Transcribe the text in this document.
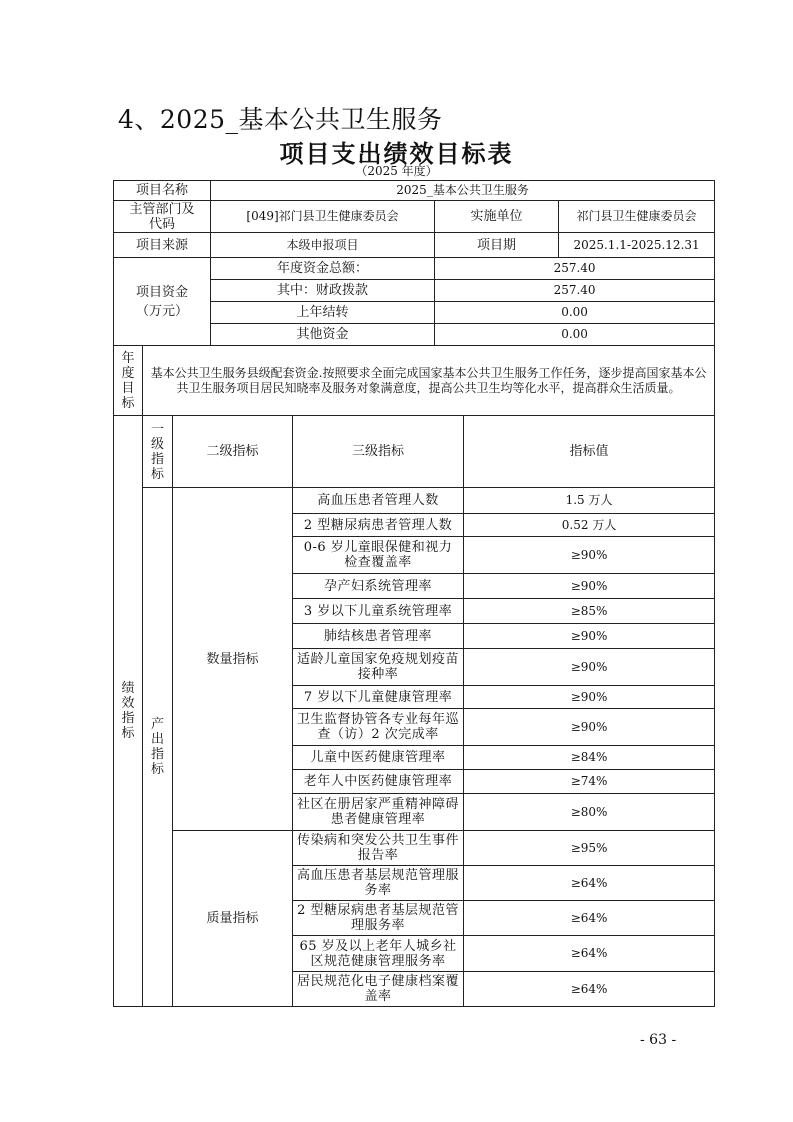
4、2025_基本公共卫生服务
项目支出绩效目标表
（2025 年度）
项目名称			2025_基本公共卫生服务				
主管部门及代码			[049]祁门县卫生健康委员会		实施单位		祁门县卫生健康委员会
项目来源			本级申报项目		项目期		2025.1.1-2025.12.31
项目资金（万元）			年度资金总额：		257.40		
			其中：财政拨款		257.40		
			上年结转		0.00		
			其他资金		0.00		
年度目标	基本公共卫生服务县级配套资金.按照要求全面完成国家基本公共卫生服务工作任务，逐步提高国家基本公共卫生服务项目居民知晓率及服务对象满意度，提高公共卫生均等化水平，提高群众生活质量。						
绩效指标	一级指标	二级指标		三级指标		指标值	
	产出指标	数量指标		高血压患者管理人数		1.5 万人	
				2 型糖尿病患者管理人数		0.52 万人	
				0-6 岁儿童眼保健和视力检查覆盖率		≥90%	
				孕产妇系统管理率		≥90%	
				3 岁以下儿童系统管理率		≥85%	
				肺结核患者管理率		≥90%	
				适龄儿童国家免疫规划疫苗接种率		≥90%	
				7 岁以下儿童健康管理率		≥90%	
				卫生监督协管各专业每年巡查（访）2 次完成率		≥90%	
				儿童中医药健康管理率		≥84%	
				老年人中医药健康管理率		≥74%	
				社区在册居家严重精神障碍患者健康管理率		≥80%	
		质量指标		传染病和突发公共卫生事件报告率		≥95%	
				高血压患者基层规范管理服务率		≥64%	
				2 型糖尿病患者基层规范管理服务率		≥64%	
				65 岁及以上老年人城乡社区规范健康管理服务率		≥64%	
				居民规范化电子健康档案覆盖率		≥64%	
- 63 -
